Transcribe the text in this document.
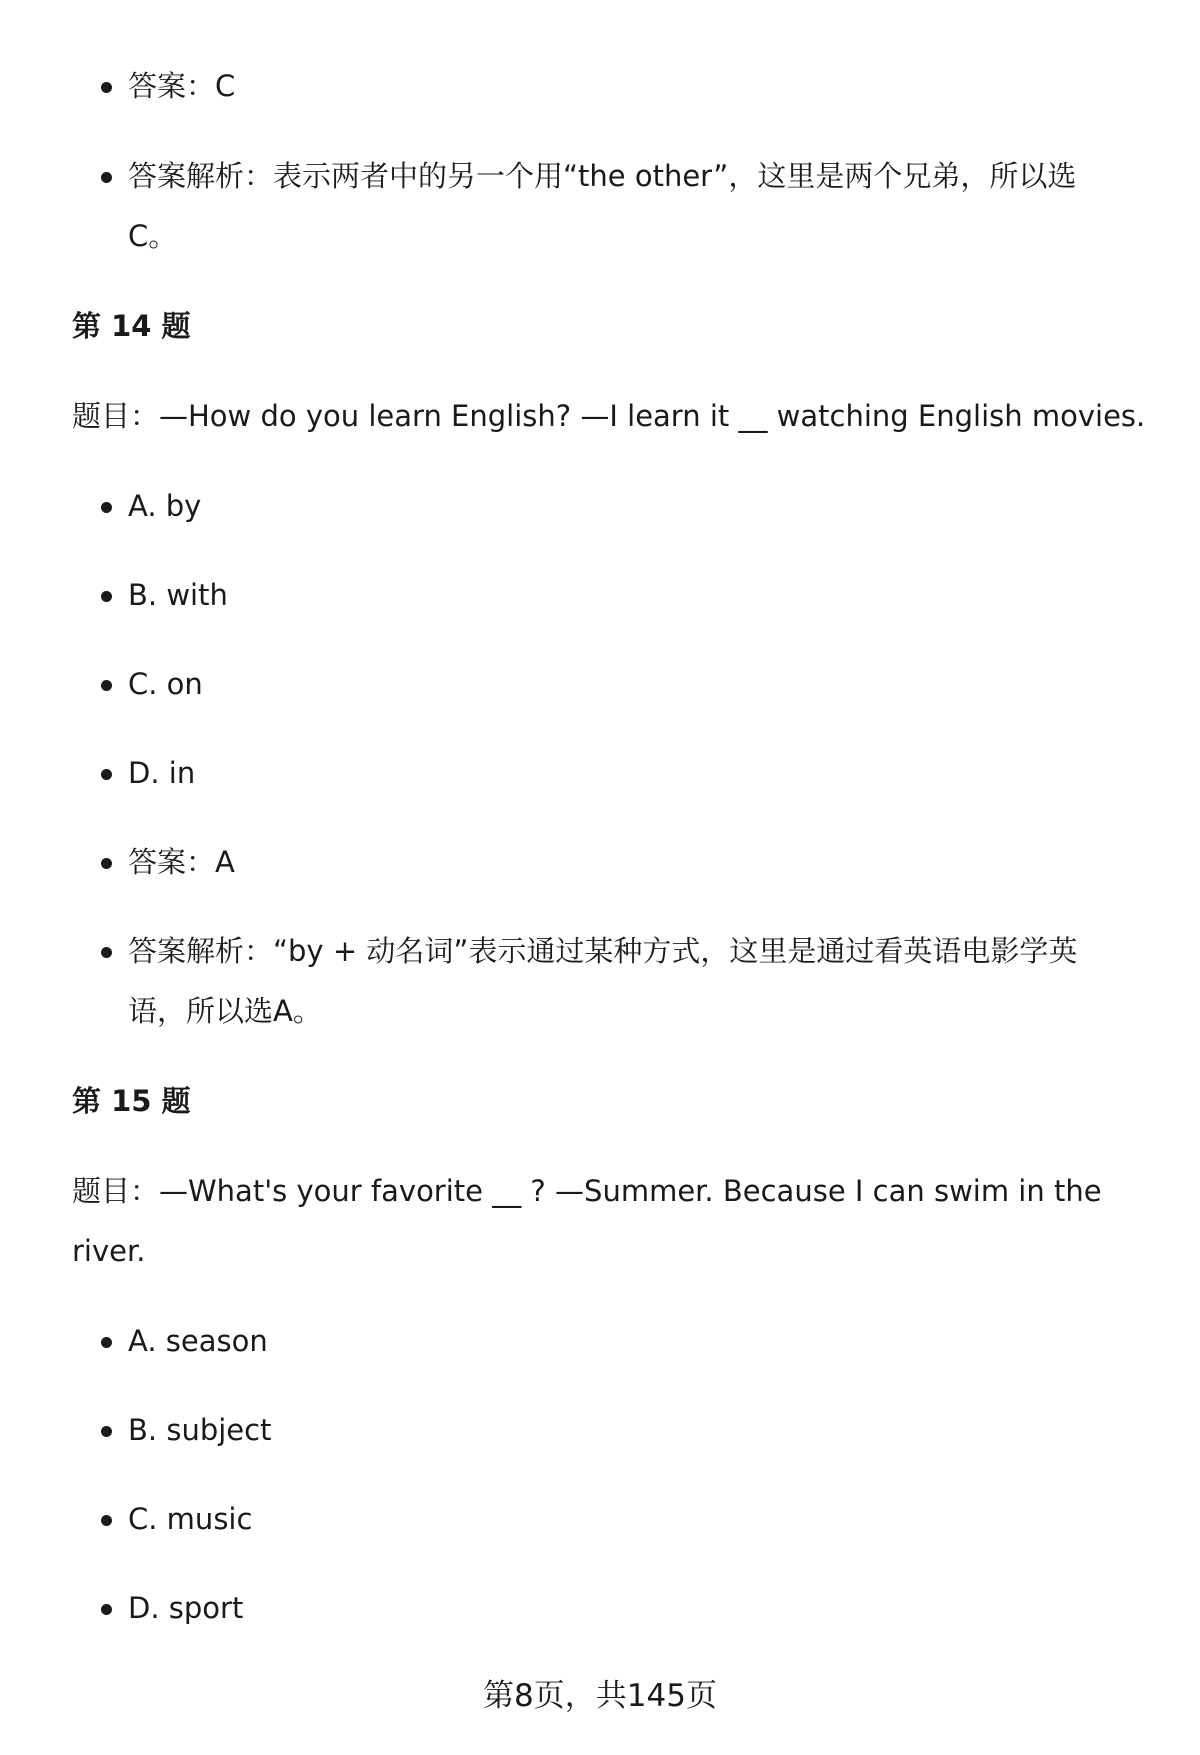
答案：C
答案解析：表示两者中的另一个用“the other”，这里是两个兄弟，所以选
C。
第 14 题
题目：—How do you learn English? —I learn it __ watching English movies.
A. by
B. with
C. on
D. in
答案：A
答案解析：“by + 动名词”表示通过某种方式，这里是通过看英语电影学英
语，所以选A。
第 15 题
题目：—What's your favorite __ ? —Summer. Because I can swim in the
river.
A. season
B. subject
C. music
D. sport
第8页，共145页
